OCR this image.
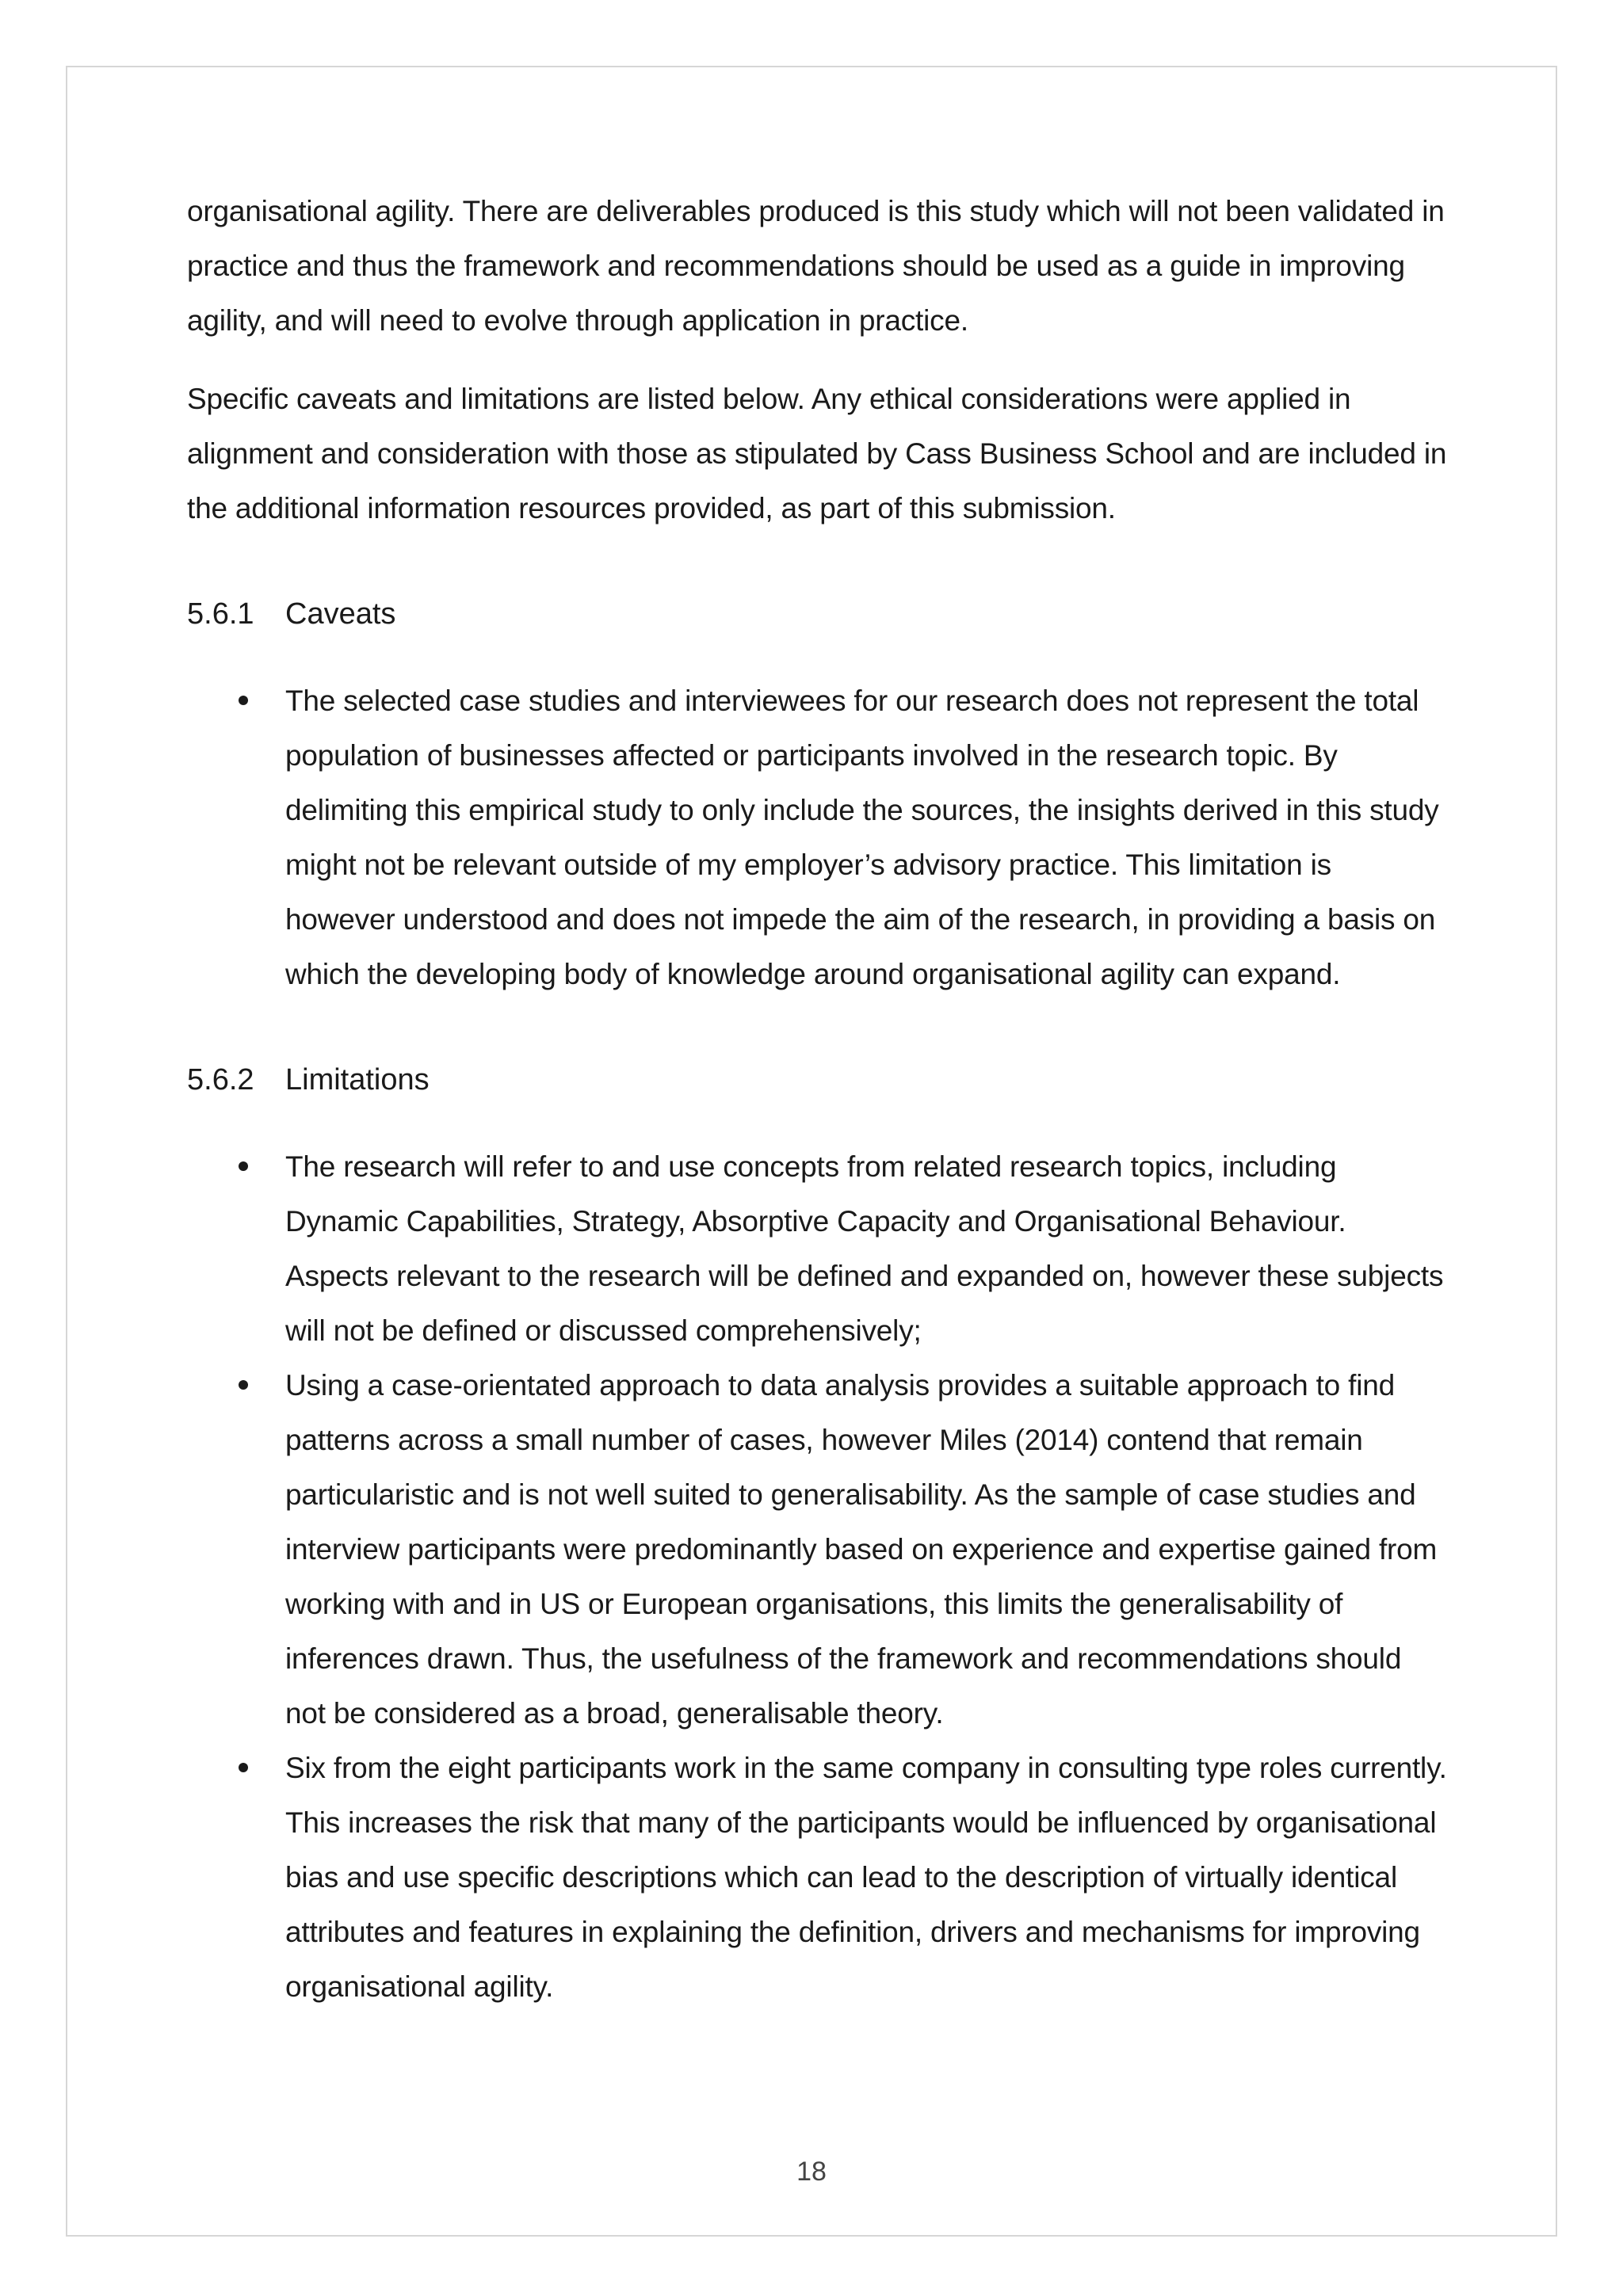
organisational agility. There are deliverables produced is this study which will not been validated in practice and thus the framework and recommendations should be used as a guide in improving agility, and will need to evolve through application in practice.

Specific caveats and limitations are listed below. Any ethical considerations were applied in alignment and consideration with those as stipulated by Cass Business School and are included in the additional information resources provided, as part of this submission.

5.6.1	Caveats
The selected case studies and interviewees for our research does not represent the total population of businesses affected or participants involved in the research topic. By delimiting this empirical study to only include the sources, the insights derived in this study might not be relevant outside of my employer’s advisory practice. This limitation is however understood and does not impede the aim of the research, in providing a basis on which the developing body of knowledge around organisational agility can expand.
5.6.2	Limitations
The research will refer to and use concepts from related research topics, including Dynamic Capabilities, Strategy, Absorptive Capacity and Organisational Behaviour. Aspects relevant to the research will be defined and expanded on, however these subjects will not be defined or discussed comprehensively;
Using a case-orientated approach to data analysis provides a suitable approach to find patterns across a small number of cases, however Miles (2014) contend that remain particularistic and is not well suited to generalisability. As the sample of case studies and interview participants were predominantly based on experience and expertise gained from working with and in US or European organisations, this limits the generalisability of inferences drawn. Thus, the usefulness of the framework and recommendations should not be considered as a broad, generalisable theory.
Six from the eight participants work in the same company in consulting type roles currently. This increases the risk that many of the participants would be influenced by organisational bias and use specific descriptions which can lead to the description of virtually identical attributes and features in explaining the definition, drivers and mechanisms for improving organisational agility.
18
